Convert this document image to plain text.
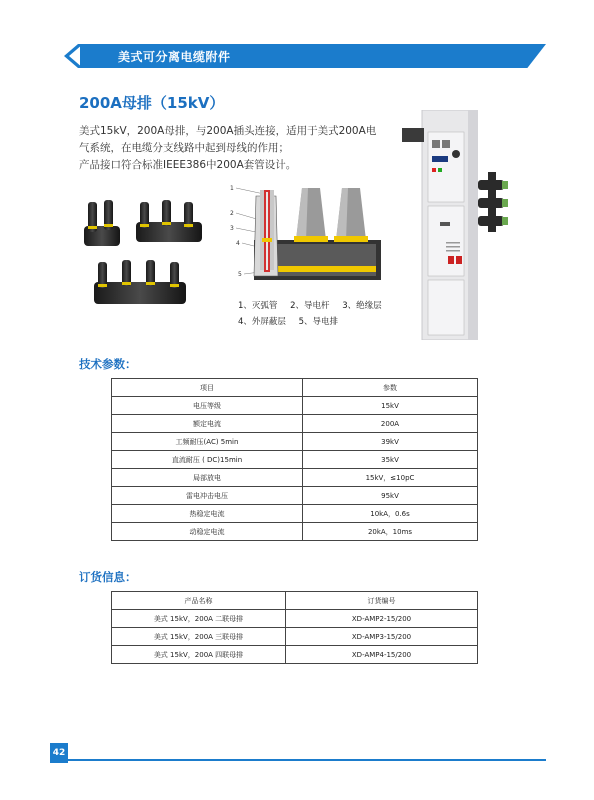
美式可分离电缆附件
200A母排（15kV）
美式15kV，200A母排，与200A插头连接，适用于美式200A电
气系统，在电缆分支线路中起到母线的作用；
产品接口符合标准IEEE386中200A套管设计。
1
2
3
4
5
1、灭弧管 2、导电杆 3、绝缘层
4、外屏蔽层 5、导电排
技术参数：
项目	参数
电压等级	15kV
额定电流	200A
工频耐压(AC) 5min	39kV
直流耐压 ( DC)15min	35kV
局部放电	15kV，≤10pC
雷电冲击电压	95kV
热稳定电流	10kA，0.6s
动稳定电流	20kA，10ms
订货信息：
产品名称	订货编号
美式 15kV，200A 二联母排	XD-AMP2-15/200
美式 15kV，200A 三联母排	XD-AMP3-15/200
美式 15kV，200A 四联母排	XD-AMP4-15/200
42
